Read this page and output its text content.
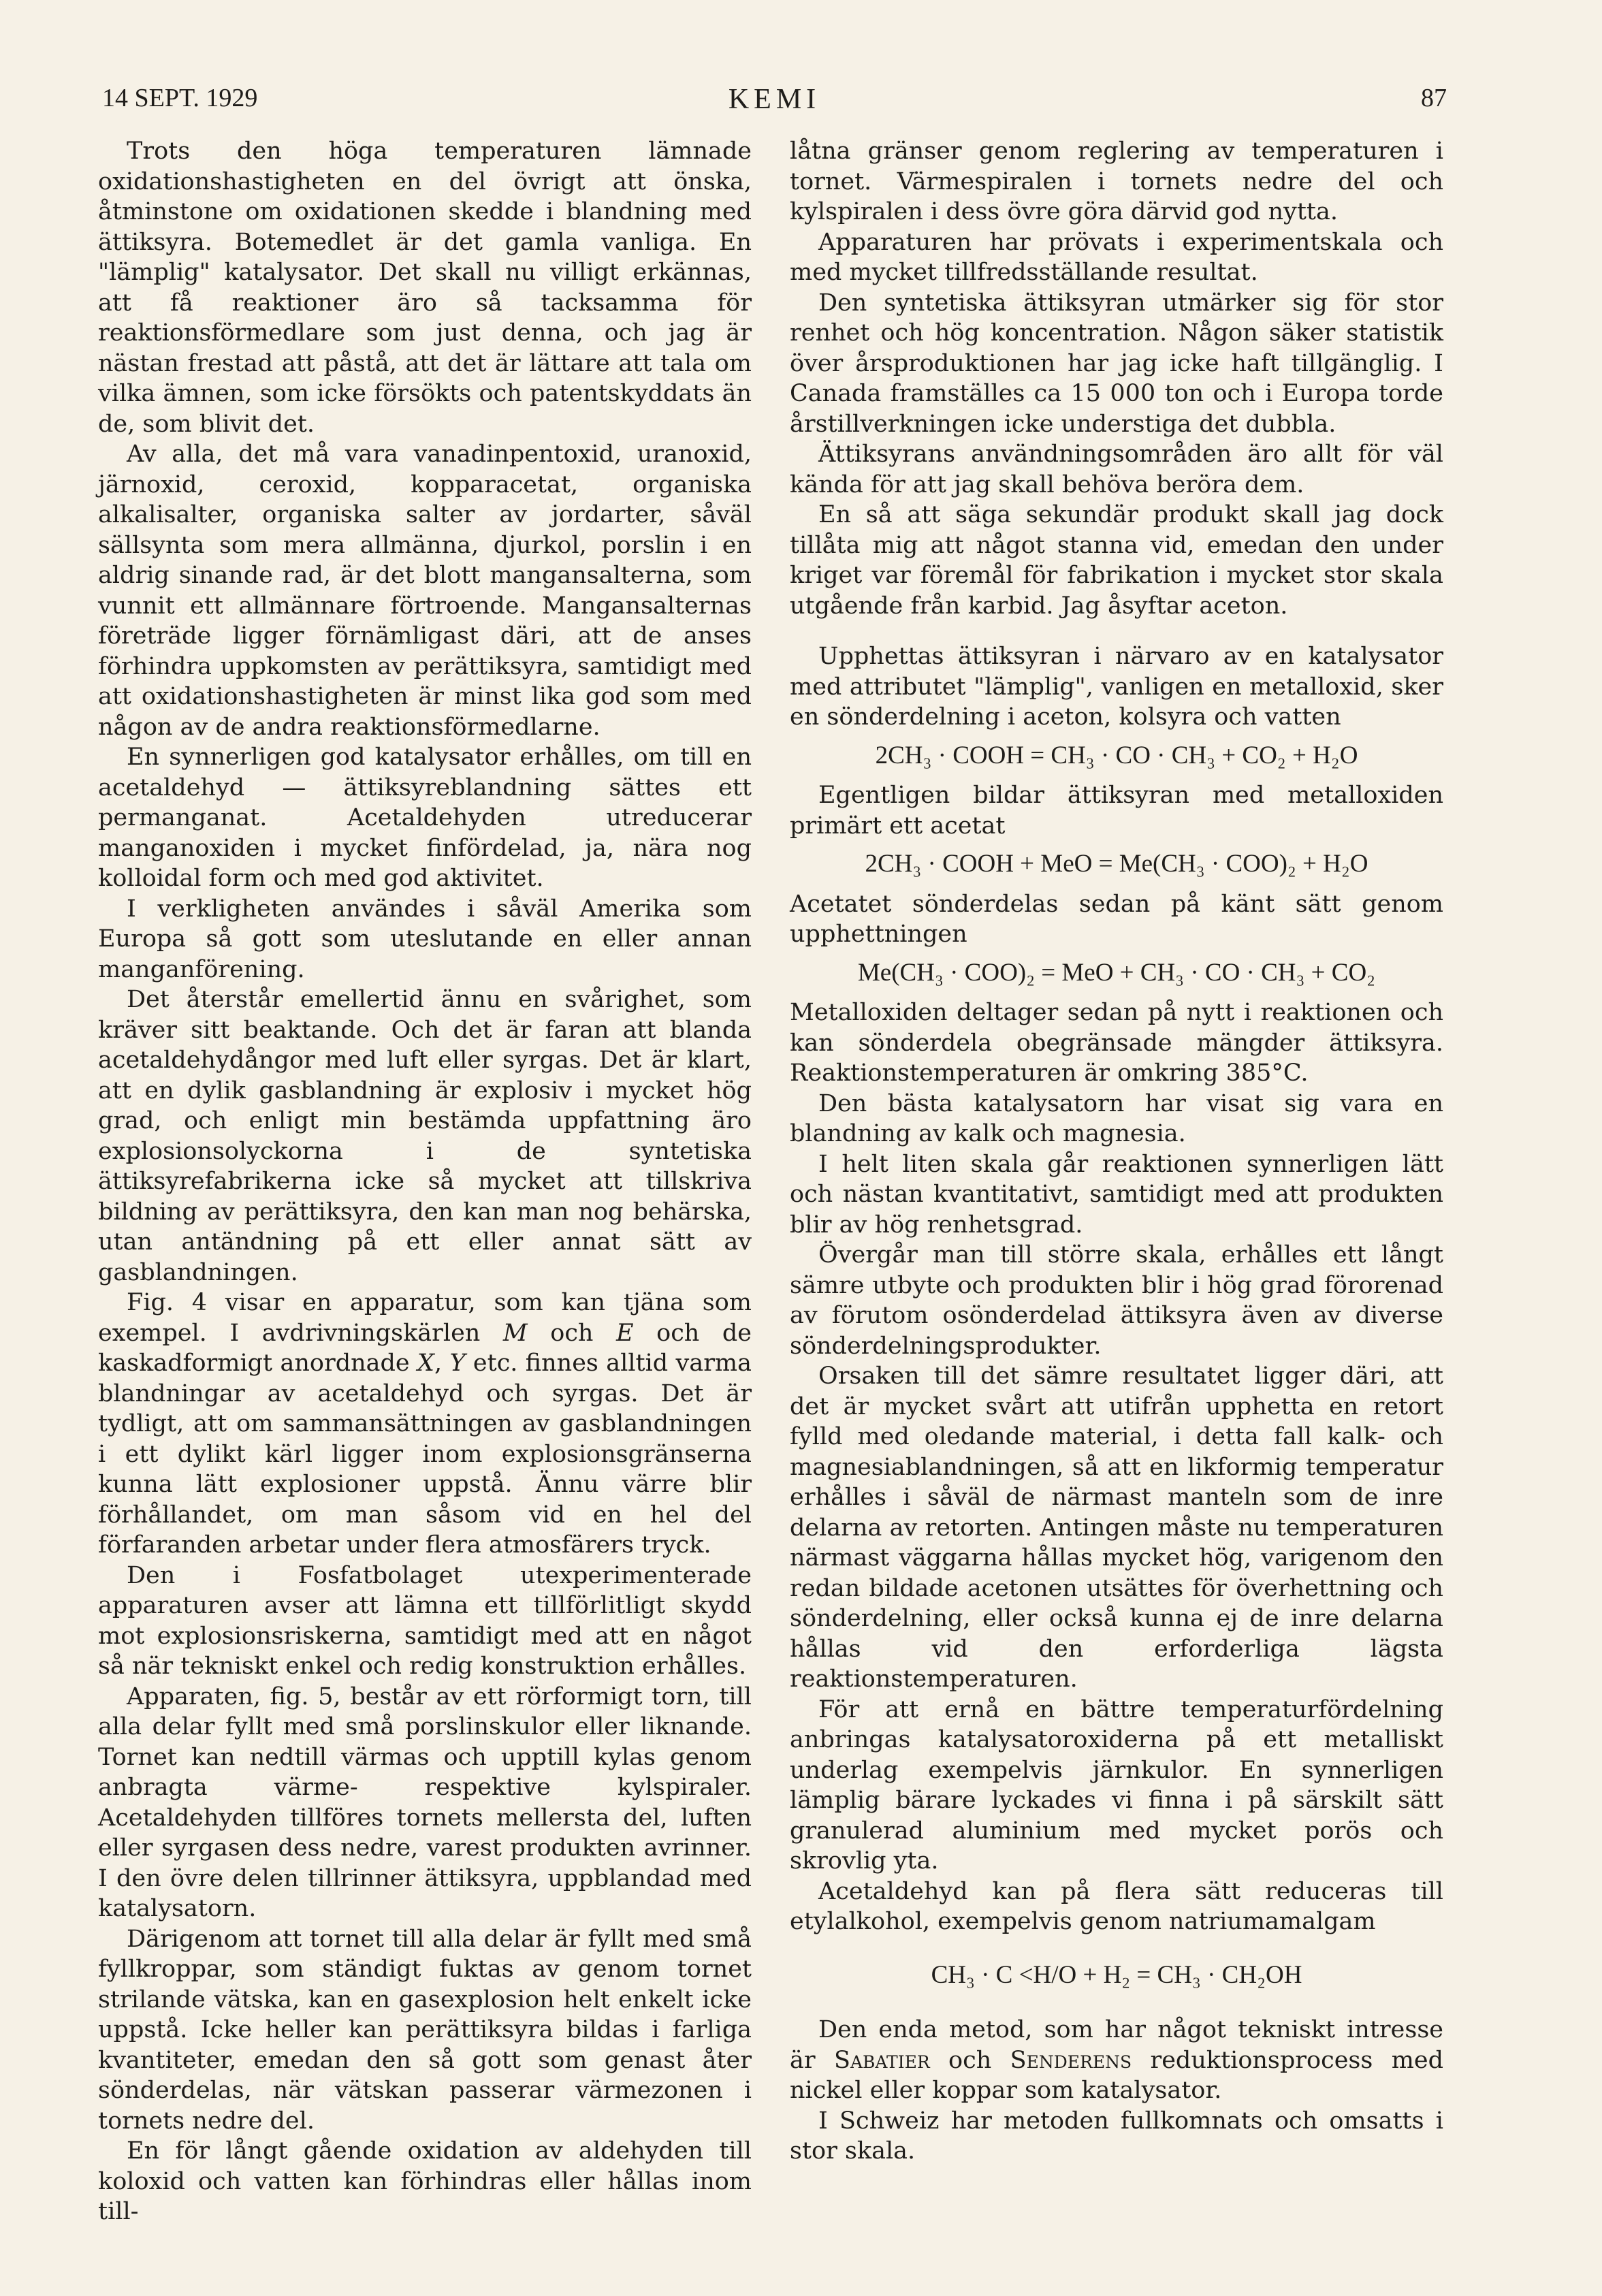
14 SEPT. 1929	KEMI	87

Trots den höga temperaturen lämnade oxidationshastigheten en del övrigt att önska, åtminstone om oxidationen skedde i blandning med ättiksyra. Botemedlet är det gamla vanliga. En "lämplig" katalysator. Det skall nu villigt erkännas, att få reaktioner äro så tacksamma för reaktionsförmedlare som just denna, och jag är nästan frestad att påstå, att det är lättare att tala om vilka ämnen, som icke försökts och patentskyddats än de, som blivit det.

Av alla, det må vara vanadinpentoxid, uranoxid, järnoxid, ceroxid, kopparacetat, organiska alkalisalter, organiska salter av jordarter, såväl sällsynta som mera allmänna, djurkol, porslin i en aldrig sinande rad, är det blott mangansalterna, som vunnit ett allmännare förtroende. Mangansalternas företräde ligger förnämligast däri, att de anses förhindra uppkomsten av perättiksyra, samtidigt med att oxidationshastigheten är minst lika god som med någon av de andra reaktionsförmedlarne.

En synnerligen god katalysator erhålles, om till en acetaldehyd — ättiksyreblandning sättes ett permanganat. Acetaldehyden utreducerar manganoxiden i mycket finfördelad, ja, nära nog kolloidal form och med god aktivitet.

I verkligheten användes i såväl Amerika som Europa så gott som uteslutande en eller annan manganförening.

Det återstår emellertid ännu en svårighet, som kräver sitt beaktande. Och det är faran att blanda acetaldehydångor med luft eller syrgas. Det är klart, att en dylik gasblandning är explosiv i mycket hög grad, och enligt min bestämda uppfattning äro explosionsolyckorna i de syntetiska ättiksyrefabrikerna icke så mycket att tillskriva bildning av perättiksyra, den kan man nog behärska, utan antändning på ett eller annat sätt av gasblandningen.

Fig. 4 visar en apparatur, som kan tjäna som exempel. I avdrivningskärlen M och E och de kaskadformigt anordnade X, Y etc. finnes alltid varma blandningar av acetaldehyd och syrgas. Det är tydligt, att om sammansättningen av gasblandningen i ett dylikt kärl ligger inom explosionsgränserna kunna lätt explosioner uppstå. Ännu värre blir förhållandet, om man såsom vid en hel del förfaranden arbetar under flera atmosfärers tryck.

Den i Fosfatbolaget utexperimenterade apparaturen avser att lämna ett tillförlitligt skydd mot explosionsriskerna, samtidigt med att en något så när tekniskt enkel och redig konstruktion erhålles.

Apparaten, fig. 5, består av ett rörformigt torn, till alla delar fyllt med små porslinskulor eller liknande. Tornet kan nedtill värmas och upptill kylas genom anbragta värme- respektive kylspiraler. Acetaldehyden tillföres tornets mellersta del, luften eller syrgasen dess nedre, varest produkten avrinner. I den övre delen tillrinner ättiksyra, uppblandad med katalysatorn.

Därigenom att tornet till alla delar är fyllt med små fyllkroppar, som ständigt fuktas av genom tornet strilande vätska, kan en gasexplosion helt enkelt icke uppstå. Icke heller kan perättiksyra bildas i farliga kvantiteter, emedan den så gott som genast åter sönderdelas, när vätskan passerar värmezonen i tornets nedre del.

En för långt gående oxidation av aldehyden till koloxid och vatten kan förhindras eller hållas inom till-

låtna gränser genom reglering av temperaturen i tornet. Värmespiralen i tornets nedre del och kylspiralen i dess övre göra därvid god nytta.

Apparaturen har prövats i experimentskala och med mycket tillfredsställande resultat.

Den syntetiska ättiksyran utmärker sig för stor renhet och hög koncentration. Någon säker statistik över årsproduktionen har jag icke haft tillgänglig. I Canada framställes ca 15 000 ton och i Europa torde årstillverkningen icke understiga det dubbla.

Ättiksyrans användningsområden äro allt för väl kända för att jag skall behöva beröra dem.

En så att säga sekundär produkt skall jag dock tillåta mig att något stanna vid, emedan den under kriget var föremål för fabrikation i mycket stor skala utgående från karbid. Jag åsyftar aceton.

Upphettas ättiksyran i närvaro av en katalysator med attributet "lämplig", vanligen en metalloxid, sker en sönderdelning i aceton, kolsyra och vatten

2CH₃ · COOH = CH₃ · CO · CH₃ + CO₂ + H₂O

Egentligen bildar ättiksyran med metalloxiden primärt ett acetat

2CH₃ · COOH + MeO = Me(CH₃ · COO)₂ + H₂O

Acetatet sönderdelas sedan på känt sätt genom upphettningen

Me(CH₃ · COO)₂ = MeO + CH₃ · CO · CH₃ + CO₂

Metalloxiden deltager sedan på nytt i reaktionen och kan sönderdela obegränsade mängder ättiksyra. Reaktionstemperaturen är omkring 385°C.

Den bästa katalysatorn har visat sig vara en blandning av kalk och magnesia.

I helt liten skala går reaktionen synnerligen lätt och nästan kvantitativt, samtidigt med att produkten blir av hög renhetsgrad.

Övergår man till större skala, erhålles ett långt sämre utbyte och produkten blir i hög grad förorenad av förutom osönderdelad ättiksyra även av diverse sönderdelningsprodukter.

Orsaken till det sämre resultatet ligger däri, att det är mycket svårt att utifrån upphetta en retort fylld med oledande material, i detta fall kalk- och magnesiablandningen, så att en likformig temperatur erhålles i såväl de närmast manteln som de inre delarna av retorten. Antingen måste nu temperaturen närmast väggarna hållas mycket hög, varigenom den redan bildade acetonen utsättes för överhettning och sönderdelning, eller också kunna ej de inre delarna hållas vid den erforderliga lägsta reaktionstemperaturen.

För att ernå en bättre temperaturfördelning anbringas katalysatoroxiderna på ett metalliskt underlag exempelvis järnkulor. En synnerligen lämplig bärare lyckades vi finna i på särskilt sätt granulerad aluminium med mycket porös och skrovlig yta.

Acetaldehyd kan på flera sätt reduceras till etylalkohol, exempelvis genom natriumamalgam

CH₃ · C <H/O + H₂ = CH₃ · CH₂OH

Den enda metod, som har något tekniskt intresse är Sabatier och Senderens reduktionsprocess med nickel eller koppar som katalysator.

I Schweiz har metoden fullkomnats och omsatts i stor skala.
